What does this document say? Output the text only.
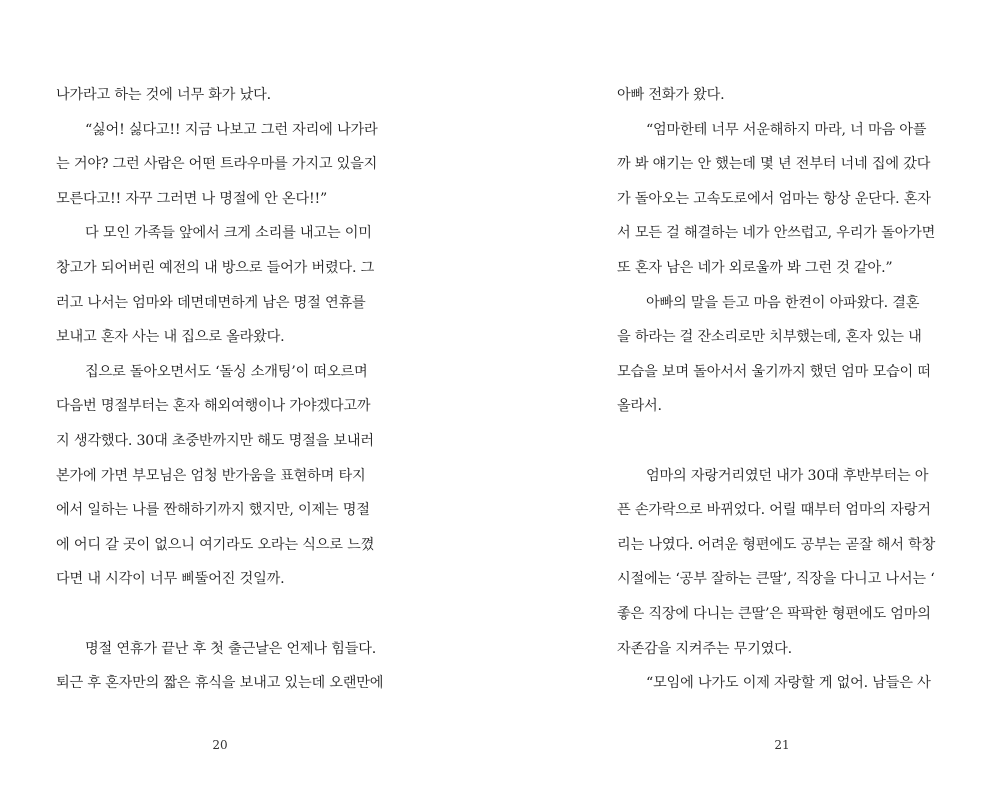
나가라고 하는 것에 너무 화가 났다.
“싫어! 싫다고!! 지금 나보고 그런 자리에 나가라
는 거야? 그런 사람은 어떤 트라우마를 가지고 있을지
모른다고!! 자꾸 그러면 나 명절에 안 온다!!”
다 모인 가족들 앞에서 크게 소리를 내고는 이미
창고가 되어버린 예전의 내 방으로 들어가 버렸다. 그
러고 나서는 엄마와 데면데면하게 남은 명절 연휴를
보내고 혼자 사는 내 집으로 올라왔다.
집으로 돌아오면서도 ‘돌싱 소개팅’이 떠오르며
다음번 명절부터는 혼자 해외여행이나 가야겠다고까
지 생각했다. 30대 초중반까지만 해도 명절을 보내러
본가에 가면 부모님은 엄청 반가움을 표현하며 타지
에서 일하는 나를 짠해하기까지 했지만, 이제는 명절
에 어디 갈 곳이 없으니 여기라도 오라는 식으로 느꼈
다면 내 시각이 너무 삐뚤어진 것일까.
명절 연휴가 끝난 후 첫 출근날은 언제나 힘들다.
퇴근 후 혼자만의 짧은 휴식을 보내고 있는데 오랜만에
아빠 전화가 왔다.
“엄마한테 너무 서운해하지 마라, 너 마음 아플
까 봐 얘기는 안 했는데 몇 년 전부터 너네 집에 갔다
가 돌아오는 고속도로에서 엄마는 항상 운단다. 혼자
서 모든 걸 해결하는 네가 안쓰럽고, 우리가 돌아가면
또 혼자 남은 네가 외로울까 봐 그런 것 같아.”
아빠의 말을 듣고 마음 한켠이 아파왔다. 결혼
을 하라는 걸 잔소리로만 치부했는데, 혼자 있는 내
모습을 보며 돌아서서 울기까지 했던 엄마 모습이 떠
올라서.
엄마의 자랑거리였던 내가 30대 후반부터는 아
픈 손가락으로 바뀌었다. 어릴 때부터 엄마의 자랑거
리는 나였다. 어려운 형편에도 공부는 곧잘 해서 학창
시절에는 ‘공부 잘하는 큰딸’, 직장을 다니고 나서는 ‘
좋은 직장에 다니는 큰딸’은 팍팍한 형편에도 엄마의
자존감을 지켜주는 무기였다.
“모임에 나가도 이제 자랑할 게 없어. 남들은 사
20	21
